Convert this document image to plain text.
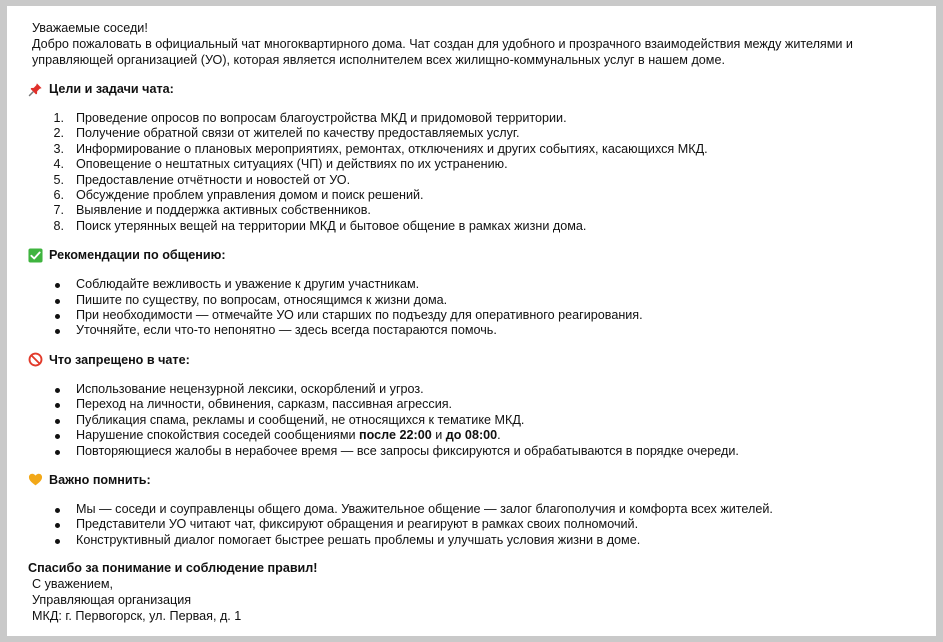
Уважаемые соседи!

Добро пожаловать в официальный чат многоквартирного дома. Чат создан для удобного и прозрачного взаимодействия между жителями и управляющей организацией (УО), которая является исполнителем всех жилищно-коммунальных услуг в нашем доме.

Цели и задачи чата:
1. Проведение опросов по вопросам благоустройства МКД и придомовой территории.
2. Получение обратной связи от жителей по качеству предоставляемых услуг.
3. Информирование о плановых мероприятиях, ремонтах, отключениях и других событиях, касающихся МКД.
4. Оповещение о нештатных ситуациях (ЧП) и действиях по их устранению.
5. Предоставление отчётности и новостей от УО.
6. Обсуждение проблем управления домом и поиск решений.
7. Выявление и поддержка активных собственников.
8. Поиск утерянных вещей на территории МКД и бытовое общение в рамках жизни дома.
Рекомендации по общению:
Соблюдайте вежливость и уважение к другим участникам.
Пишите по существу, по вопросам, относящимся к жизни дома.
При необходимости — отмечайте УО или старших по подъезду для оперативного реагирования.
Уточняйте, если что-то непонятно — здесь всегда постараются помочь.
Что запрещено в чате:
Использование нецензурной лексики, оскорблений и угроз.
Переход на личности, обвинения, сарказм, пассивная агрессия.
Публикация спама, рекламы и сообщений, не относящихся к тематике МКД.
Нарушение спокойствия соседей сообщениями после 22:00 и до 08:00.
Повторяющиеся жалобы в нерабочее время — все запросы фиксируются и обрабатываются в порядке очереди.
Важно помнить:
Мы — соседи и соуправленцы общего дома. Уважительное общение — залог благополучия и комфорта всех жителей.
Представители УО читают чат, фиксируют обращения и реагируют в рамках своих полномочий.
Конструктивный диалог помогает быстрее решать проблемы и улучшать условия жизни в доме.

Спасибо за понимание и соблюдение правил!

С уважением,

Управляющая организация

МКД: г. Первогорск, ул. Первая, д. 1
